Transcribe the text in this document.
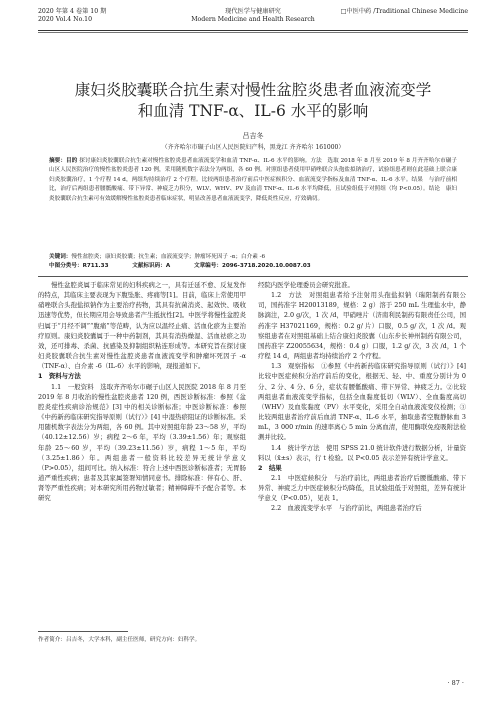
2020 年第 4 卷第 10 期
2020 Vol.4 No.10
现代医学与健康研究
Modern Medicine and Health Research
□中医中药 /Traditional Chinese Medicine
康妇炎胶囊联合抗生素对慢性盆腔炎患者血液流变学
和血清 TNF-α、IL-6 水平的影响
吕吉冬
（齐齐哈尔市碾子山区人民医院妇产科，黑龙江 齐齐哈尔 161000）
摘要：目的 探讨康妇炎胶囊联合抗生素对慢性盆腔炎患者血液流变学和血清 TNF-α、IL-6 水平的影响。方法　选取 2018 年 8 月至 2019 年 8 月齐齐哈尔市碾子山区人民医院治疗的慢性盆腔炎患者 120 例，采用随机数字表法分为两组，各 60 例。对照组患者使用甲硝唑联合头孢盐拟钠治疗，试验组患者则在此基础上联合康妇炎胶囊治疗，1 个疗程 14 d，两组均持续治疗 2 个疗程。比较两组患者治疗前后中医症候积分、血液流变学指标及血清 TNF-α、IL-6 水平。结果　与治疗前相比，治疗后两组患者腰骶酸痛、带下异常、神疲乏力积分，WLV、WHV、PV 及血清 TNF-α、IL-6 水平均降低，且试验组低于对照组（均 P<0.05）。结论　康妇炎胶囊联合抗生素可有效缓解慢性盆腔炎患者临床症状，明显改善患者血液流变学，降低炎性反应，疗效确切。
关键词：慢性盆腔炎；康妇炎胶囊；抗生素；血液流变学；肿瘤坏死因子 -α；白介素 -6
中图分类号：R711.33	文献标识码：A	文章编号：2096-3718.2020.10.0087.03

慢性盆腔炎属于临床常见的妇科疾病之一，具有迁延不愈、反复发作的特点，其临床主要表现为下腹坠胀、疼痛等[1]。目前，临床上常使用甲硝唑联合头孢盐拟钠作为主要治疗药物，其具有抗菌消炎、起效快、吸收迅速等优势，但长期应用会导致患者产生抵抗性[2]。中医学将慢性盆腔炎归属于“月经不调”“腹痛”等范畴，认为应以温经止痛、活血化瘀为主要治疗原则。康妇炎胶囊属于一种中药制剂，其具有消热燥湿、活血祛瘀之功效，还可排毒、杀菌、抗感染及抑制组织粘连形成等。本研究旨在探讨康妇炎胶囊联合抗生素对慢性盆腔炎患者血液流变学和肿瘤坏死因子 -α（TNF-α）、白介素 -6（IL-6）水平的影响，现报道如下。

1　资料与方法

1.1　一般资料　选取齐齐哈尔市碾子山区人民医院 2018 年 8 月至 2019 年 8 月收治的慢性盆腔炎患者 120 例，西医诊断标准：参照《盆腔炎症性疾病诊治规范》[3] 中的相关诊断标准；中医诊断标准：参照《中药新药临床研究指导原则（试行）》[4] 中湿热瘀阻证的诊断标准。采用随机数字表法分为两组，各 60 例。其中对照组年龄 23～58 岁，平均（40.12±12.56）岁；病程 2～6 年，平均（3.39±1.56）年；观察组年龄 25～60 岁，平均（39.23±11.56）岁，病程 1～5 年，平均（3.25±1.86）年。两组患者一般资料比较差异无统计学意义（P>0.05），组间可比。纳入标准：符合上述中西医诊断标准者；无胃肠道严重性疾病；患者及其家属签署知情同意书。排除标准：伴有心、肝、肾等严重性疾病；对本研究所用药物过敏者；精神障碍不予配合者等。本研究

经院内医学伦理委员会研究批准。

1.2　方法　对照组患者给予注射用头孢盐拟钠（瑞阳制药有限公司，国药准字 H20013189，规格：2 g）溶于 250 mL 生理盐水中，静脉滴注，2.0 g/次，1 次 /d，甲硝唑片（济南利民制药有限责任公司，国药准字 H37021169，规格：0.2 g/ 片）口服，0.5 g/ 次，1 次 /d。观察组患者在对照组基础上结合康妇炎胶囊（山东步长神州制药有限公司，国药准字 Z20055634，规格：0.4 g）口服，1.2 g/ 次，3 次 /d，1 个疗程 14 d，两组患者均持续治疗 2 个疗程。

1.3　观察指标　①参照《中药新药临床研究指导原则（试行）》[4] 比较中医症候积分治疗前后的变化，根据无、轻、中、重度分别计为 0 分、2 分、4 分、6 分，症状有腰骶酸痛、带下异常、神疲乏力。②比较两组患者血液流变学指标，包括全血黏度低切（WLV）、全血黏度高切（WHV）及血浆黏度（PV）水平变化，采用全自动血液流变仪检测；③比较两组患者治疗前后血清 TNF-α、IL-6 水平，抽取患者空腹静脉血 3 mL，3 000 r/min 的速率离心 5 min 分离血清，使用酶联免疫吸附法检测并比较。

1.4　统计学方法　使用 SPSS 21.0 统计软件进行数据分析，计量资料以（x̄±s）表示，行 t 检验。以 P<0.05 表示差异有统计学意义。

2　结果

2.1　中医症候积分　与治疗前比，两组患者治疗后腰骶酸痛、带下异常、神疲乏力中医症候积分均降低，且试验组低于对照组，差异有统计学意义（P<0.05），见表 1。

2.2　血液流变学水平　与治疗前比，两组患者治疗后

作者简介：吕吉冬，大学本科，副主任医师，研究方向：妇科学。
· 87 ·
